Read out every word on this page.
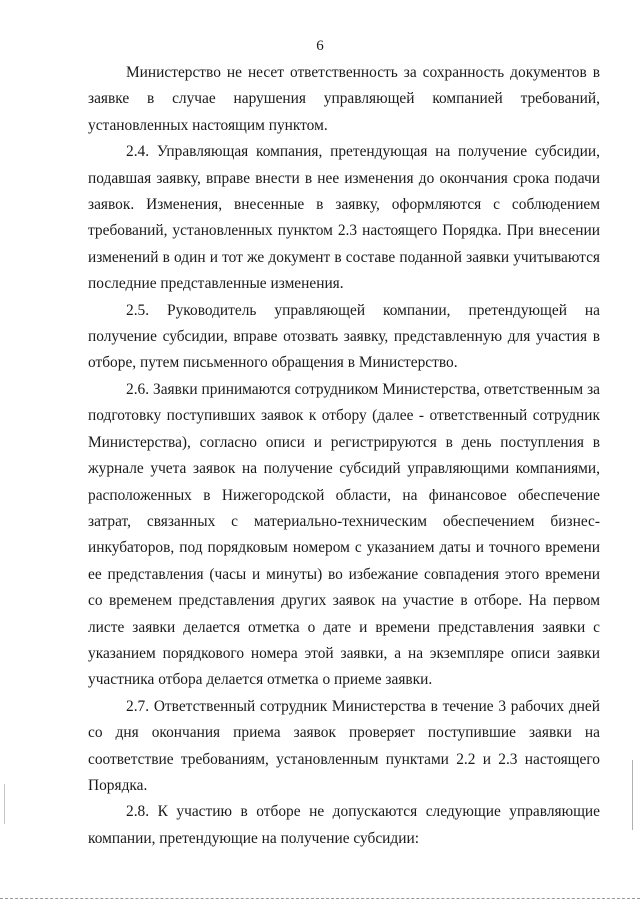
6

Министерство не несет ответственность за сохранность документов в заявке в случае нарушения управляющей компанией требований, установленных настоящим пунктом.

2.4. Управляющая компания, претендующая на получение субсидии, подавшая заявку, вправе внести в нее изменения до окончания срока подачи заявок. Изменения, внесенные в заявку, оформляются с соблюдением требований, установленных пунктом 2.3 настоящего Порядка. При внесении изменений в один и тот же документ в составе поданной заявки учитываются последние представленные изменения.

2.5. Руководитель управляющей компании, претендующей на получение субсидии, вправе отозвать заявку, представленную для участия в отборе, путем письменного обращения в Министерство.

2.6. Заявки принимаются сотрудником Министерства, ответственным за подготовку поступивших заявок к отбору (далее - ответственный сотрудник Министерства), согласно описи и регистрируются в день поступления в журнале учета заявок на получение субсидий управляющими компаниями, расположенных в Нижегородской области, на финансовое обеспечение затрат, связанных с материально-техническим обеспечением бизнес-инкубаторов, под порядковым номером с указанием даты и точного времени ее представления (часы и минуты) во избежание совпадения этого времени со временем представления других заявок на участие в отборе. На первом листе заявки делается отметка о дате и времени представления заявки с указанием порядкового номера этой заявки, а на экземпляре описи заявки участника отбора делается отметка о приеме заявки.

2.7. Ответственный сотрудник Министерства в течение 3 рабочих дней со дня окончания приема заявок проверяет поступившие заявки на соответствие требованиям, установленным пунктами 2.2 и 2.3 настоящего Порядка.

2.8. К участию в отборе не допускаются следующие управляющие компании, претендующие на получение субсидии:
